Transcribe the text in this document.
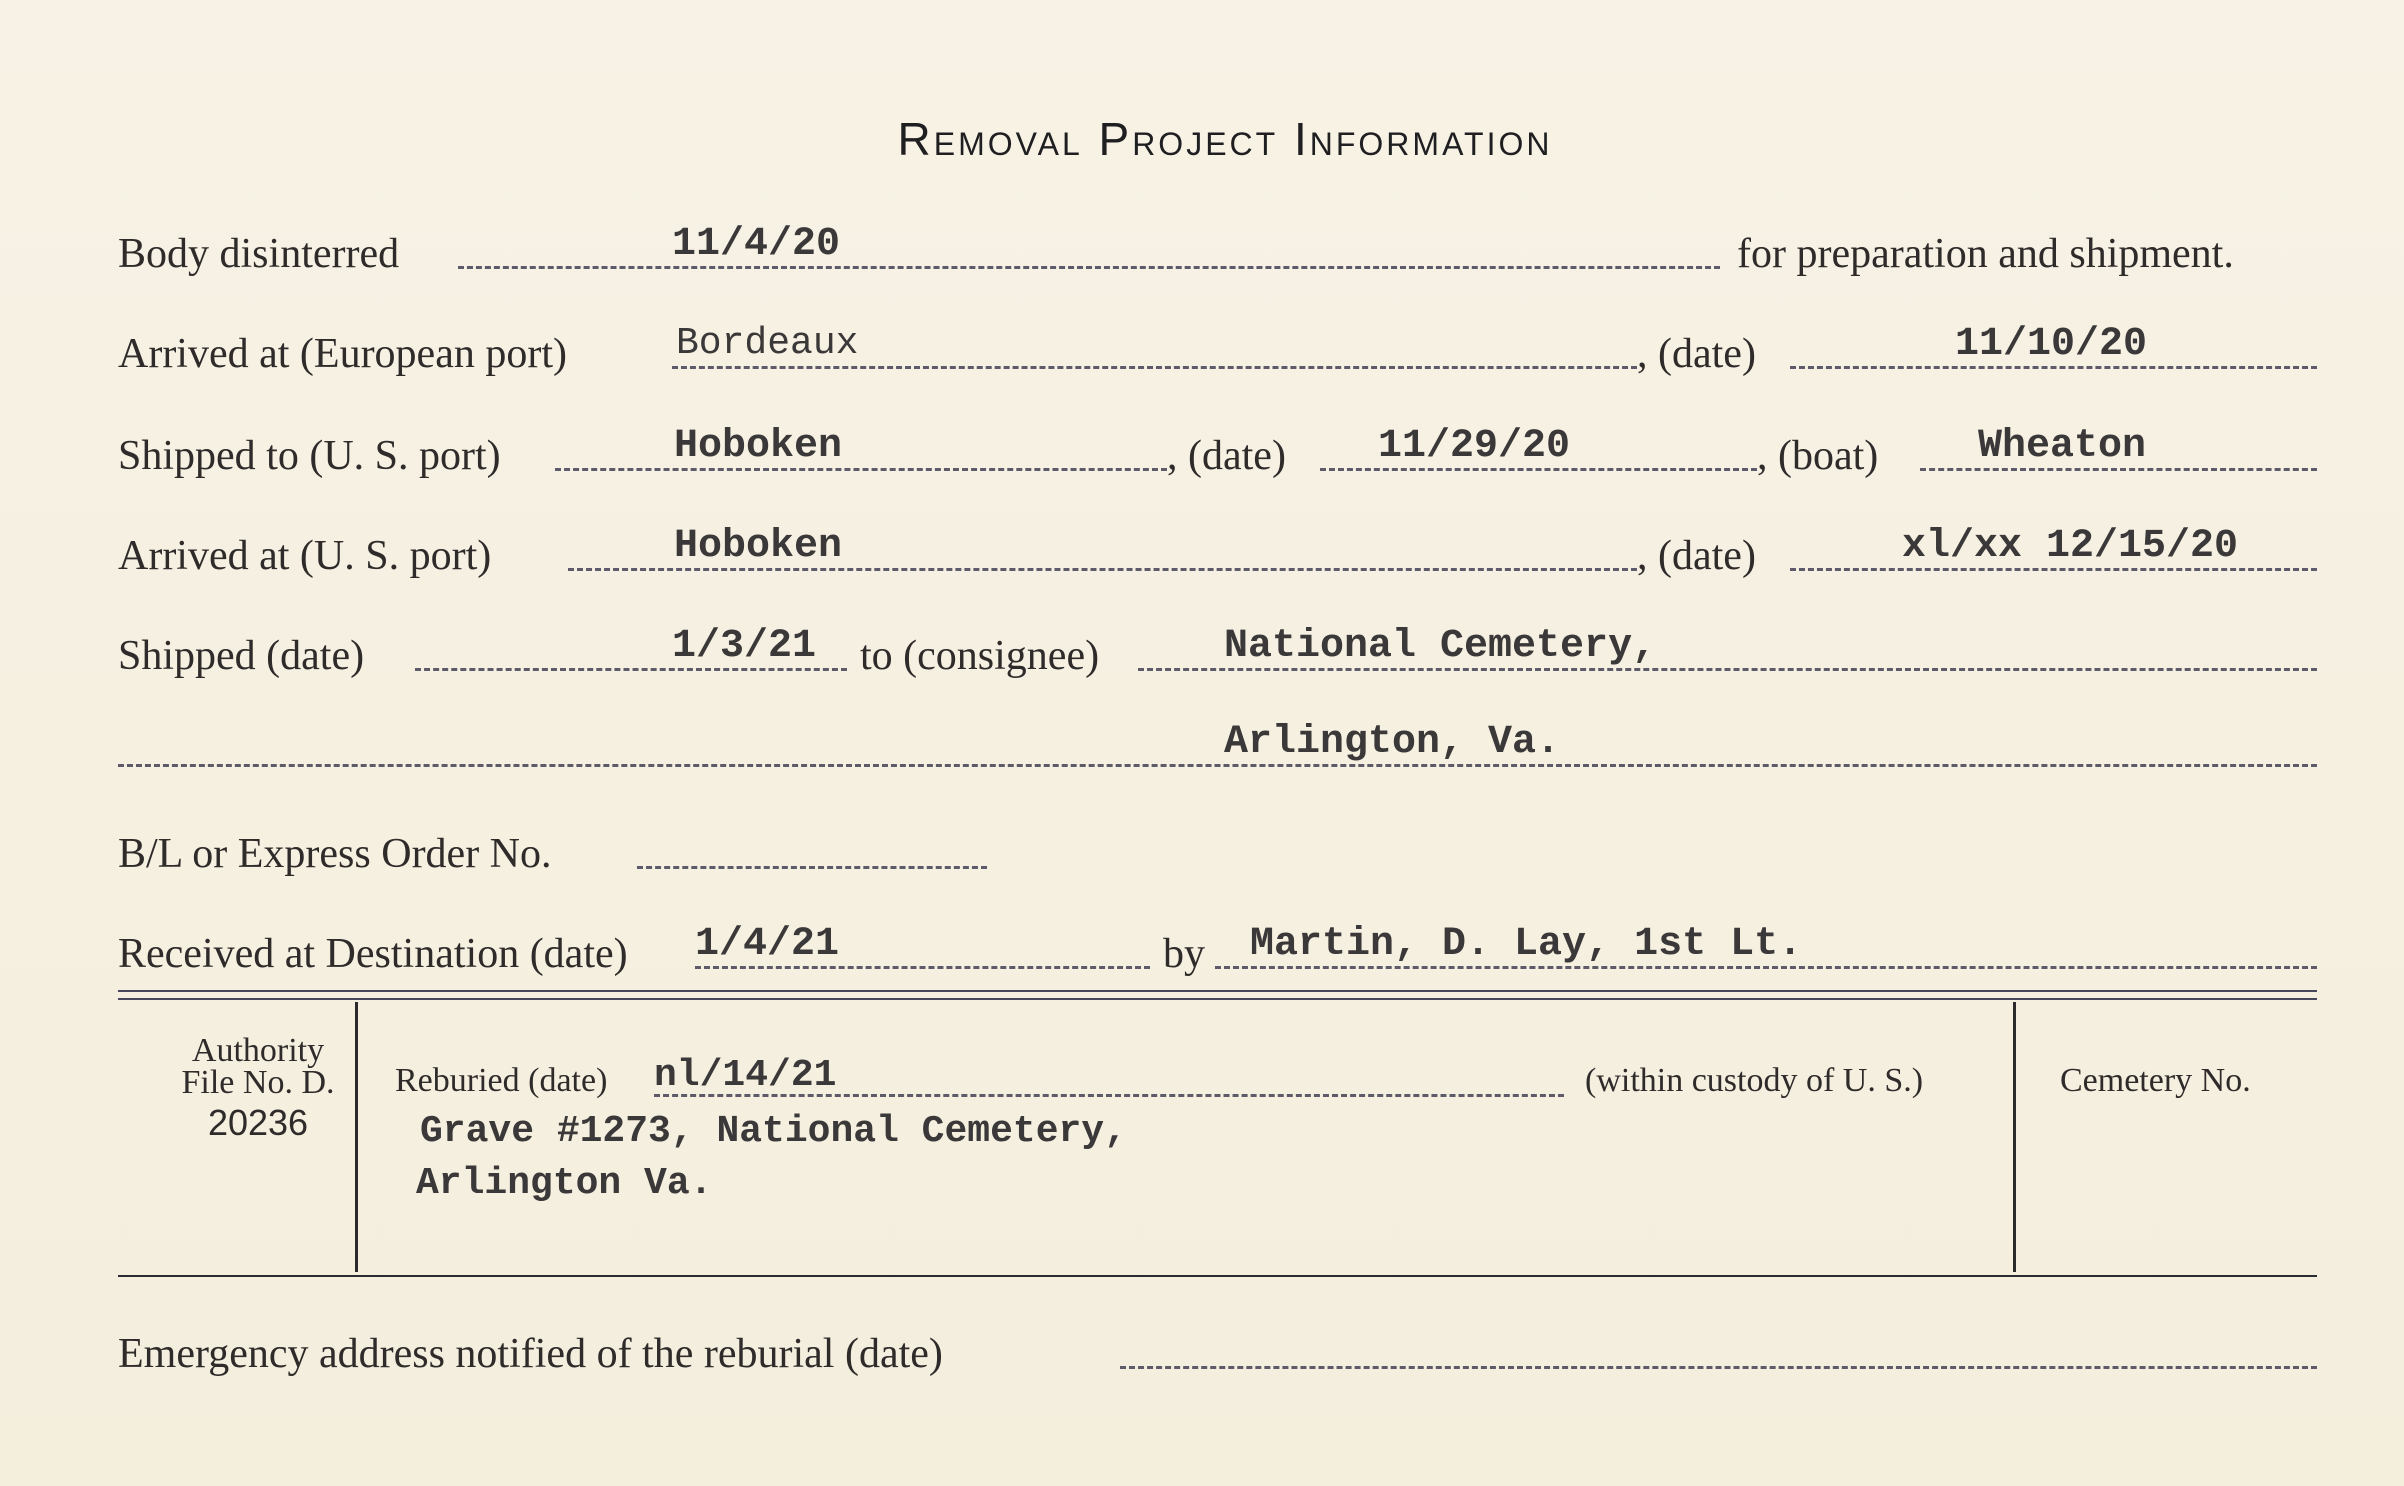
Removal Project Information
Body disinterred	11/4/20	for preparation and shipment.
Arrived at (European port)	Bordeaux	, (date)	11/10/20
Shipped to (U. S. port)	Hoboken	, (date) 11/29/20	, (boat) Wheaton
Arrived at (U. S. port)	Hoboken	, (date)	xl/xx 12/15/20
Shipped (date)	1/3/21 to (consignee)	National Cemetery,
Arlington, Va.
B/L or Express Order No.
Received at Destination (date) 1/4/21	by Martin, D. Lay, 1st Lt.
Authority
File No. D.
20236
Reburied (date) nl/14/21	(within custody of U. S.)
Grave #1273, National Cemetery,
Arlington Va.
Cemetery No.
Emergency address notified of the reburial (date)
